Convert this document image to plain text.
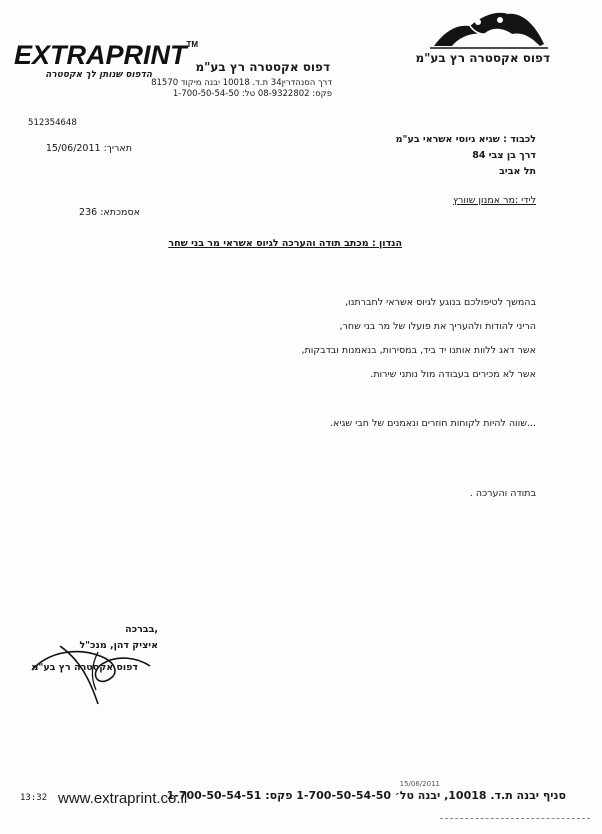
EXTRAPRINT™
הדפוס שנותן לך אקסטרה
דפוס אקסטרה רץ בע"מ
דרך הסנהדרין34 ת.ד. 10018 יבנה מיקוד 81570
פקס: 08-9322802 טל: 1-700-50-54-50
דפוס אקסטרה רץ בע"מ
512354648
תאריך: 15/06/2011
לכבוד : שגיא גיוסי אשראי בע"מ
דרך בן צבי 84
תל אביב
לידי :מר אמנון שוורץ
אסמכתא: 236
הנדון : מכתב תודה והערכה לגיוס אשראי מר בני שחר
בהמשך לטיפולכם בנוגע לגיוס אשראי לחברתנו,
הריני להודות ולהעריך את פועלו של מר בני שחר,
אשר דאג ללוות אותנו יד ביד, במסירות, בנאמנות ובדבקות,
אשר לא מכירים בעבודה מול נותני שירות.
...שווה להיות לקוחות חוזרים ונאמנים של חבי שגיא.
בתודה והערכה .
,בברכה
איציק דהן, מנכ"ל
דפוס אקסטרה רץ בע"מ
15/06/2011
13:32 www.extraprint.co.il
סניף יבנה ת.ד. 10018, יבנה טל׳ 1-700-50-54-50 פקס: 1-700-50-54-51
